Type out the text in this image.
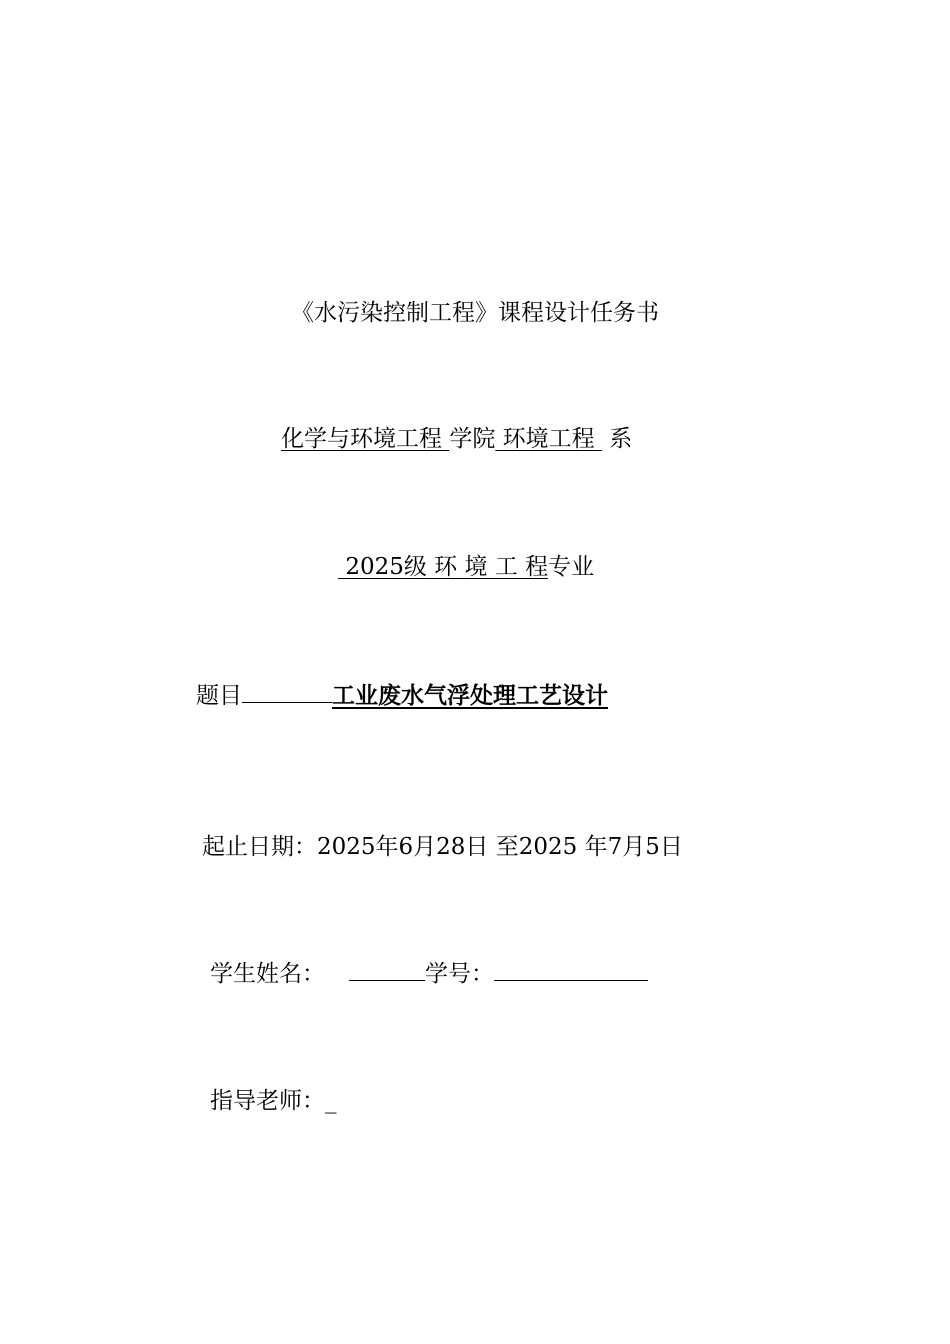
《水污染控制工程》课程设计任务书
化学与环境工程 学院 环境工程 系
2025级 环 境 工 程专业
题目	工业废水气浮处理工艺设计
起止日期：2025年6月28日 至2025 年7月5日
学生姓名：	学号：
指导老师：_
